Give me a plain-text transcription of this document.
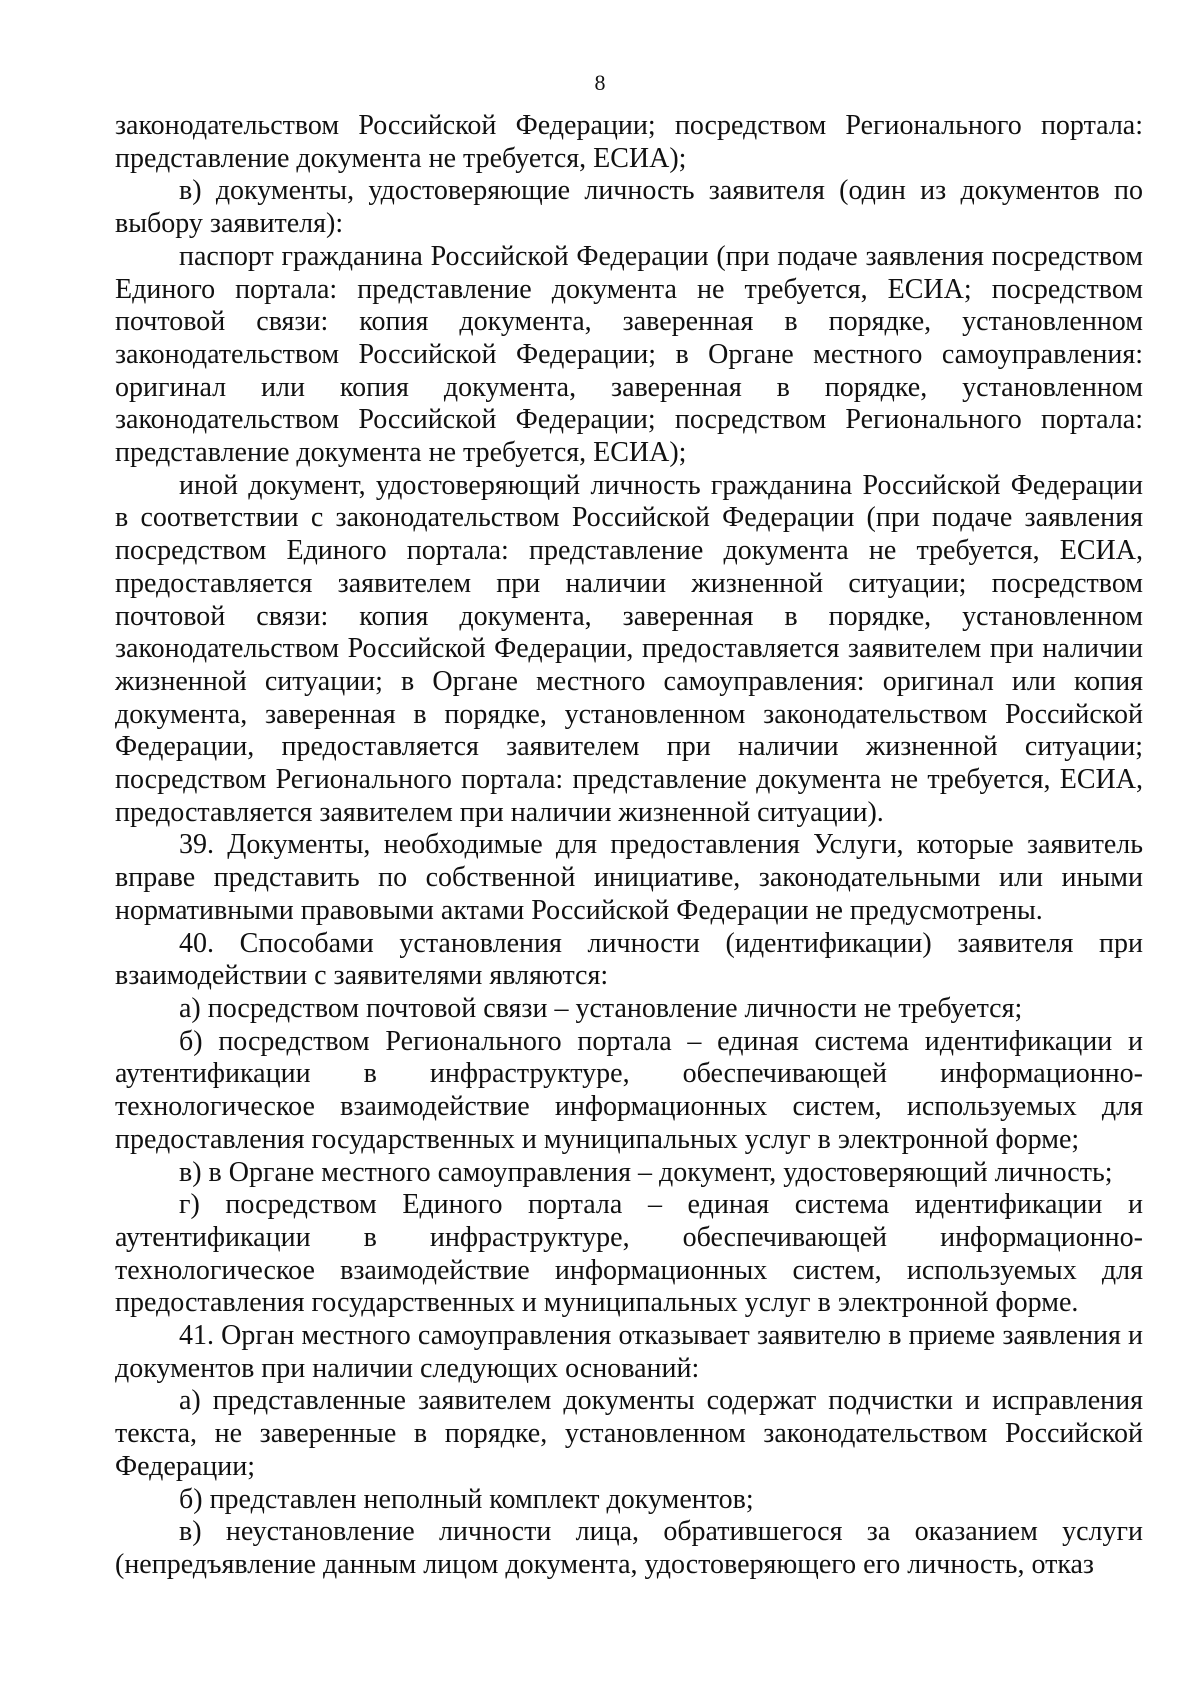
8

законодательством Российской Федерации; посредством Регионального портала: представление документа не требуется, ЕСИА);

в) документы, удостоверяющие личность заявителя (один из документов по выбору заявителя):

паспорт гражданина Российской Федерации (при подаче заявления посредством Единого портала: представление документа не требуется, ЕСИА; посредством почтовой связи: копия документа, заверенная в порядке, установленном законодательством Российской Федерации; в Органе местного самоуправления: оригинал или копия документа, заверенная в порядке, установленном законодательством Российской Федерации; посредством Регионального портала: представление документа не требуется, ЕСИА);

иной документ, удостоверяющий личность гражданина Российской Федерации в соответствии с законодательством Российской Федерации (при подаче заявления посредством Единого портала: представление документа не требуется, ЕСИА, предоставляется заявителем при наличии жизненной ситуации; посредством почтовой связи: копия документа, заверенная в порядке, установленном законодательством Российской Федерации, предоставляется заявителем при наличии жизненной ситуации; в Органе местного самоуправления: оригинал или копия документа, заверенная в порядке, установленном законодательством Российской Федерации, предоставляется заявителем при наличии жизненной ситуации; посредством Регионального портала: представление документа не требуется, ЕСИА, предоставляется заявителем при наличии жизненной ситуации).

39. Документы, необходимые для предоставления Услуги, которые заявитель вправе представить по собственной инициативе, законодательными или иными нормативными правовыми актами Российской Федерации не предусмотрены.

40. Способами установления личности (идентификации) заявителя при взаимодействии с заявителями являются:

а) посредством почтовой связи – установление личности не требуется;

б) посредством Регионального портала – единая система идентификации и аутентификации в инфраструктуре, обеспечивающей информационно-технологическое взаимодействие информационных систем, используемых для предоставления государственных и муниципальных услуг в электронной форме;

в) в Органе местного самоуправления – документ, удостоверяющий личность;

г) посредством Единого портала – единая система идентификации и аутентификации в инфраструктуре, обеспечивающей информационно-технологическое взаимодействие информационных систем, используемых для предоставления государственных и муниципальных услуг в электронной форме.

41. Орган местного самоуправления отказывает заявителю в приеме заявления и документов при наличии следующих оснований:

а) представленные заявителем документы содержат подчистки и исправления текста, не заверенные в порядке, установленном законодательством Российской Федерации;

б) представлен неполный комплект документов;

в) неустановление личности лица, обратившегося за оказанием услуги (непредъявление данным лицом документа, удостоверяющего его личность, отказ
